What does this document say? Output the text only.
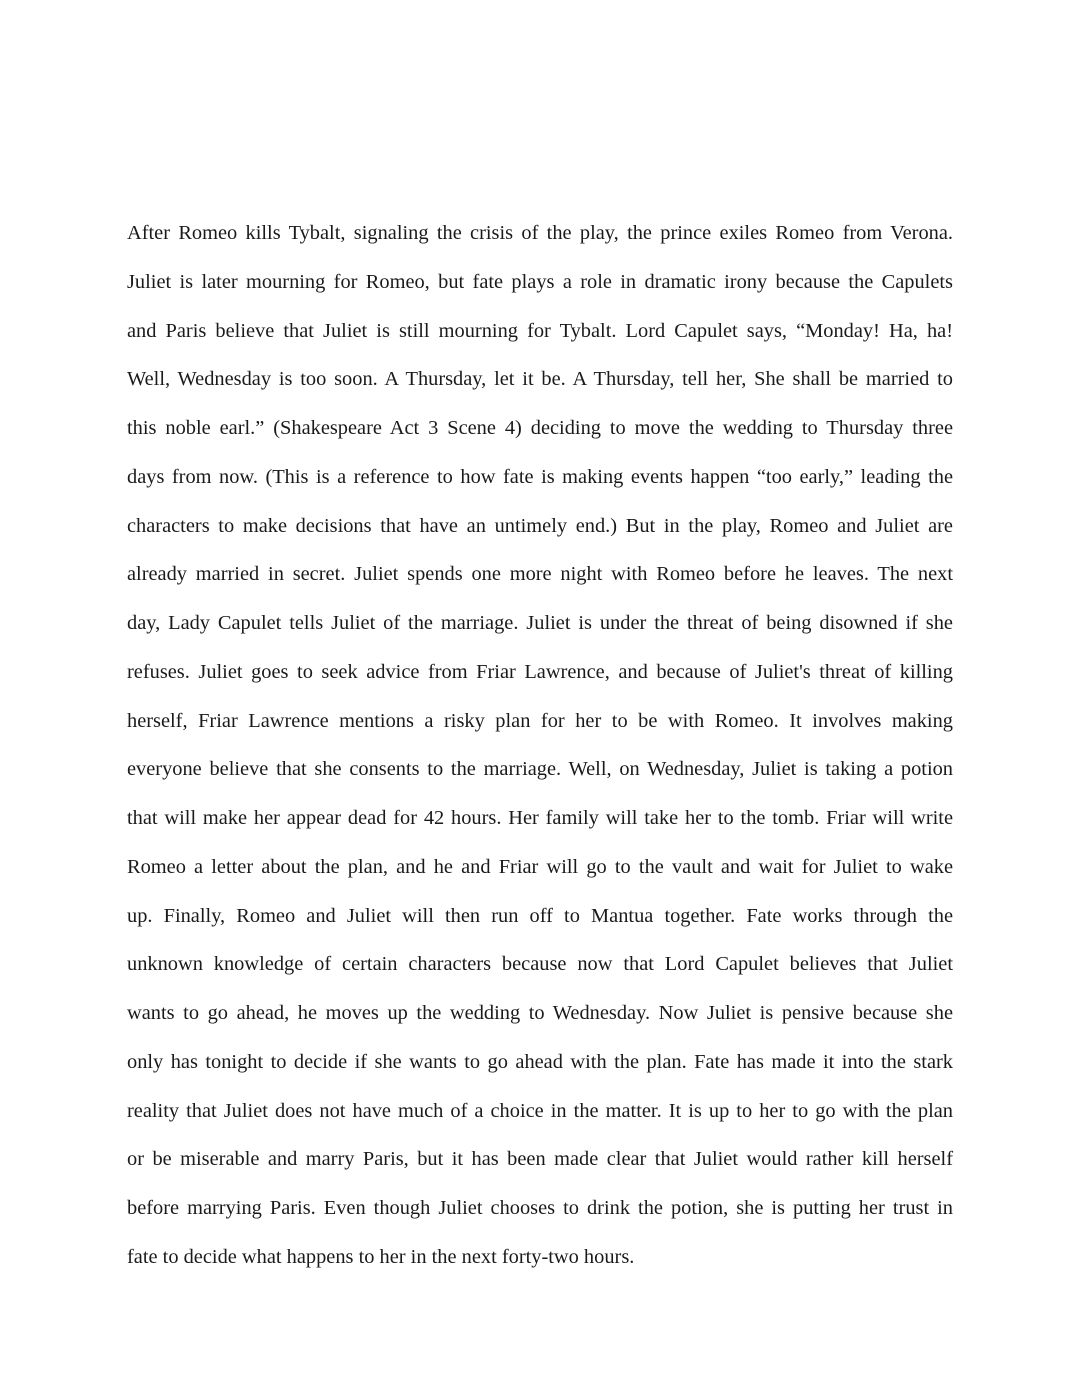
After Romeo kills Tybalt, signaling the crisis of the play, the prince exiles Romeo from Verona.
Juliet is later mourning for Romeo, but fate plays a role in dramatic irony because the Capulets
and Paris believe that Juliet is still mourning for Tybalt. Lord Capulet says, “Monday! Ha, ha!
Well, Wednesday is too soon. A Thursday, let it be. A Thursday, tell her, She shall be married to
this noble earl.” (Shakespeare Act 3 Scene 4) deciding to move the wedding to Thursday three
days from now. (This is a reference to how fate is making events happen “too early,” leading the
characters to make decisions that have an untimely end.) But in the play, Romeo and Juliet are
already married in secret. Juliet spends one more night with Romeo before he leaves. The next
day, Lady Capulet tells Juliet of the marriage. Juliet is under the threat of being disowned if she
refuses. Juliet goes to seek advice from Friar Lawrence, and because of Juliet's threat of killing
herself, Friar Lawrence mentions a risky plan for her to be with Romeo. It involves making
everyone believe that she consents to the marriage. Well, on Wednesday, Juliet is taking a potion
that will make her appear dead for 42 hours. Her family will take her to the tomb. Friar will write
Romeo a letter about the plan, and he and Friar will go to the vault and wait for Juliet to wake
up. Finally, Romeo and Juliet will then run off to Mantua together. Fate works through the
unknown knowledge of certain characters because now that Lord Capulet believes that Juliet
wants to go ahead, he moves up the wedding to Wednesday. Now Juliet is pensive because she
only has tonight to decide if she wants to go ahead with the plan. Fate has made it into the stark
reality that Juliet does not have much of a choice in the matter. It is up to her to go with the plan
or be miserable and marry Paris, but it has been made clear that Juliet would rather kill herself
before marrying Paris. Even though Juliet chooses to drink the potion, she is putting her trust in
fate to decide what happens to her in the next forty-two hours.
